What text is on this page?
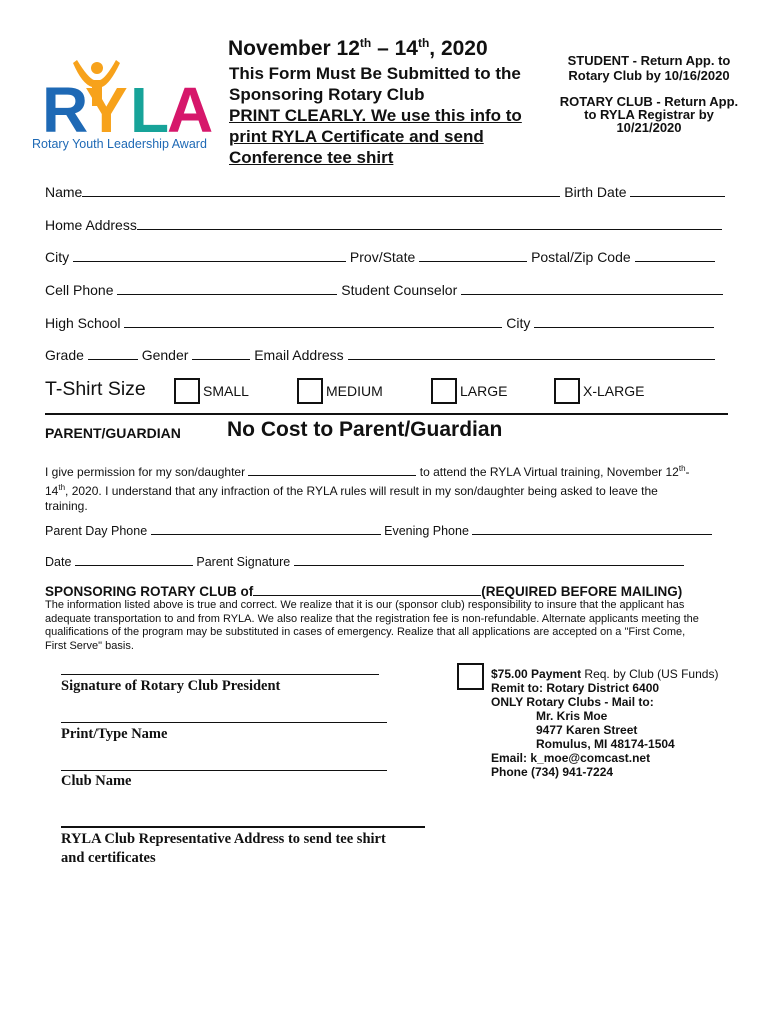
R
Y L
A
Rotary Youth Leadership Award
November 12th – 14th, 2020
This Form Must Be Submitted to the
Sponsoring Rotary Club
PRINT CLEARLY. We use this info to
print RYLA Certificate and send
Conference tee shirt
STUDENT - Return App. to
Rotary Club by 10/16/2020
ROTARY CLUB - Return App.
to RYLA Registrar by
10/21/2020
Name	Birth Date
Home Address
City	Prov/State	Postal/Zip Code
Cell Phone	Student Counselor
High School	City
Grade	Gender	Email Address
T-Shirt Size	SMALL	MEDIUM	LARGE	X-LARGE
PARENT/GUARDIAN No Cost to Parent/Guardian
I give permission for my son/daughter	to attend the RYLA Virtual training, November 12th-
14th, 2020. I understand that any infraction of the RYLA rules will result in my son/daughter being asked to leave the
training.
Parent Day Phone	Evening Phone
Date	Parent Signature
SPONSORING ROTARY CLUB of	(REQUIRED BEFORE MAILING)
The information listed above is true and correct. We realize that it is our (sponsor club) responsibility to insure that the applicant has
adequate transportation to and from RYLA. We also realize that the registration fee is non-refundable. Alternate applicants meeting the
qualifications of the program may be substituted in cases of emergency. Realize that all applications are accepted on a "First Come,
First Serve" basis.
Signature of Rotary Club President
Print/Type Name
Club Name
RYLA Club Representative Address to send tee shirt
and certificates
$75.00 Payment Req. by Club (US Funds)
Remit to: Rotary District 6400
ONLY Rotary Clubs - Mail to:
Mr. Kris Moe
9477 Karen Street
Romulus, MI 48174-1504
Email: k_moe@comcast.net
Phone (734) 941-7224
